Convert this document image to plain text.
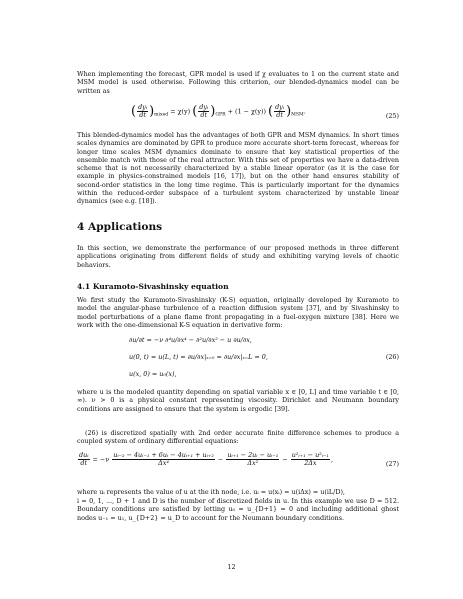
When implementing the forecast, GPR model is used if χ evaluates to 1 on the current state and MSM model is used otherwise. Following this criterion, our blended-dynamics model can be written as

( $\frac{\text{dyᵢ}}{dt} )_{mixed} = \chi(y)$ ( $\frac{\text{dyᵢ}}{dt} )_{GPR} + (1 - \chi(y))$ ( $\frac{\text{dyᵢ}}{dt} )_{MSM}$.
(25)

This blended-dynamics model has the advantages of both GPR and MSM dynamics. In short times scales dynamics are dominated by GPR to produce more accurate short-term forecast, whereas for longer time scales MSM dynamics dominate to ensure that key statistical properties of the ensemble match with those of the real attractor. With this set of properties we have a data-driven scheme that is not necessarily characterized by a stable linear operator (as it is the case for example in physics-constrained models [16, 17]), but on the other hand ensures stability of second-order statistics in the long time regime. This is particularly important for the dynamics within the reduced-order subspace of a turbulent system characterized by unstable linear dynamics (see e.g. [18]).

4 Applications

In this section, we demonstrate the performance of our proposed methods in three different applications originating from different fields of study and exhibiting varying levels of chaotic behaviors.

4.1 Kuramoto-Sivashinsky equation

We first study the Kuramoto-Sivashinsky (K-S) equation, originally developed by Kuramoto to model the angular-phase turbulence of a reaction diffusion system [37], and by Sivashinsky to model perturbations of a plane flame front propagating in a fuel-oxygen mixture [38]. Here we work with the one-dimensional K-S equation in derivative form:

∂u/∂t = −ν ∂⁴u/∂x⁴ − ∂²u/∂x² − u ∂u/∂x,
u(0, t) = u(L, t) = ∂u/∂x|ₓ₌₀ = ∂u/∂x|ₓ₌L = 0,
u(x, 0) = u₀(x),
(26)

where u is the modeled quantity depending on spatial variable x ∈ [0, L] and time variable t ∈ [0, ∞). ν > 0 is a physical constant representing viscosity. Dirichlet and Neumann boundary conditions are assigned to ensure that the system is ergodic [39].

(26) is discretized spatially with 2nd order accurate finite difference schemes to produce a coupled system of ordinary differential equations:

$\frac{\text{duᵢ}}{dt} = -\nu \frac{\text{uᵢ₋₂ − 4uᵢ₋₁ + 6uᵢ − 4uᵢ₊₁ + uᵢ₊₂}}{\text{Δx⁴}} - \frac{\text{uᵢ₊₁ − 2uᵢ − uᵢ₋₁}}{\text{Δx²}} - \frac{\text{u²ᵢ₊₁ − u²ᵢ₋₁}}{2\Delta x}$ ,
(27)

where uᵢ represents the value of u at the ith node, i.e. uᵢ = u(xᵢ) = u(iΔx) = u(iL/D),

i = 0, 1, ..., D + 1 and D is the number of discretized fields in u. In this example we use D = 512. Boundary conditions are satisfied by letting u₀ = u_{D+1} = 0 and including additional ghost nodes u₋₁ = u₁, u_{D+2} = u_D to account for the Neumann boundary conditions.

12
